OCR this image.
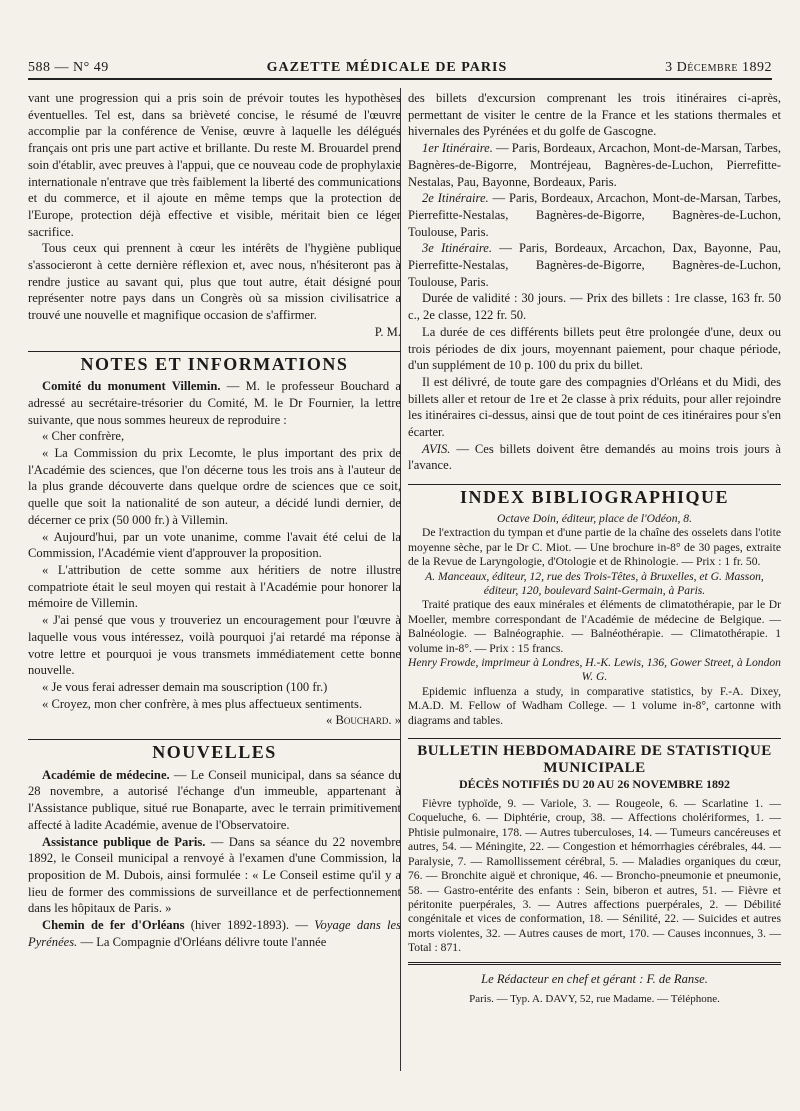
588 — N° 49	GAZETTE MÉDICALE DE PARIS	3 Décembre 1892

vant une progression qui a pris soin de prévoir toutes les hypothèses éventuelles. Tel est, dans sa brièveté concise, le résumé de l'œuvre accomplie par la conférence de Venise, œuvre à laquelle les délégués français ont pris une part active et brillante. Du reste M. Brouardel prend soin d'établir, avec preuves à l'appui, que ce nouveau code de prophylaxie internationale n'entrave que très faiblement la liberté des communications et du commerce, et il ajoute en même temps que la protection de l'Europe, protection déjà effective et visible, méritait bien ce léger sacrifice.

Tous ceux qui prennent à cœur les intérêts de l'hygiène publique s'associeront à cette dernière réflexion et, avec nous, n'hésiteront pas à rendre justice au savant qui, plus que tout autre, était désigné pour représenter notre pays dans un Congrès où sa mission civilisatrice a trouvé une nouvelle et magnifique occasion de s'affirmer.

P. M.
NOTES ET INFORMATIONS

Comité du monument Villemin. — M. le professeur Bouchard a adressé au secrétaire-trésorier du Comité, M. le Dr Fournier, la lettre suivante, que nous sommes heureux de reproduire :

« Cher confrère,

« La Commission du prix Lecomte, le plus important des prix de l'Académie des sciences, que l'on décerne tous les trois ans à l'auteur de la plus grande découverte dans quelque ordre de sciences que ce soit, quelle que soit la nationalité de son auteur, a décidé lundi dernier, de décerner ce prix (50 000 fr.) à Villemin.

« Aujourd'hui, par un vote unanime, comme l'avait été celui de la Commission, l'Académie vient d'approuver la proposition.

« L'attribution de cette somme aux héritiers de notre illustre compatriote était le seul moyen qui restait à l'Académie pour honorer la mémoire de Villemin.

« J'ai pensé que vous y trouveriez un encouragement pour l'œuvre à laquelle vous vous intéressez, voilà pourquoi j'ai retardé ma réponse à votre lettre et pourquoi je vous transmets immédiatement cette bonne nouvelle.

« Je vous ferai adresser demain ma souscription (100 fr.)

« Croyez, mon cher confrère, à mes plus affectueux sentiments.

« Bouchard. »
NOUVELLES

Académie de médecine. — Le Conseil municipal, dans sa séance du 28 novembre, a autorisé l'échange d'un immeuble, appartenant à l'Assistance publique, situé rue Bonaparte, avec le terrain primitivement affecté à ladite Académie, avenue de l'Observatoire.

Assistance publique de Paris. — Dans sa séance du 22 novembre 1892, le Conseil municipal a renvoyé à l'examen d'une Commission, la proposition de M. Dubois, ainsi formulée : « Le Conseil estime qu'il y a lieu de former des commissions de surveillance et de perfectionnement dans les hôpitaux de Paris. »

Chemin de fer d'Orléans (hiver 1892-1893). — Voyage dans les Pyrénées. — La Compagnie d'Orléans délivre toute l'année

des billets d'excursion comprenant les trois itinéraires ci-après, permettant de visiter le centre de la France et les stations thermales et hivernales des Pyrénées et du golfe de Gascogne.

1er Itinéraire. — Paris, Bordeaux, Arcachon, Mont-de-Marsan, Tarbes, Bagnères-de-Bigorre, Montréjeau, Bagnères-de-Luchon, Pierrefitte-Nestalas, Pau, Bayonne, Bordeaux, Paris.

2e Itinéraire. — Paris, Bordeaux, Arcachon, Mont-de-Marsan, Tarbes, Pierrefitte-Nestalas, Bagnères-de-Bigorre, Bagnères-de-Luchon, Toulouse, Paris.

3e Itinéraire. — Paris, Bordeaux, Arcachon, Dax, Bayonne, Pau, Pierrefitte-Nestalas, Bagnères-de-Bigorre, Bagnères-de-Luchon, Toulouse, Paris.

Durée de validité : 30 jours. — Prix des billets : 1re classe, 163 fr. 50 c., 2e classe, 122 fr. 50.

La durée de ces différents billets peut être prolongée d'une, deux ou trois périodes de dix jours, moyennant paiement, pour chaque période, d'un supplément de 10 p. 100 du prix du billet.

Il est délivré, de toute gare des compagnies d'Orléans et du Midi, des billets aller et retour de 1re et 2e classe à prix réduits, pour aller rejoindre les itinéraires ci-dessus, ainsi que de tout point de ces itinéraires pour s'en écarter.

AVIS. — Ces billets doivent être demandés au moins trois jours à l'avance.

INDEX BIBLIOGRAPHIQUE
Octave Doin, éditeur, place de l'Odéon, 8.

De l'extraction du tympan et d'une partie de la chaîne des osselets dans l'otite moyenne sèche, par le Dr C. Miot. — Une brochure in-8° de 30 pages, extraite de la Revue de Laryngologie, d'Otologie et de Rhinologie. — Prix : 1 fr. 50.

A. Manceaux, éditeur, 12, rue des Trois-Têtes, à Bruxelles, et G. Masson, éditeur, 120, boulevard Saint-Germain, à Paris.

Traité pratique des eaux minérales et éléments de climatothérapie, par le Dr Moeller, membre correspondant de l'Académie de médecine de Belgique. — Balnéologie. — Balnéographie. — Balnéothérapie. — Climatothérapie. 1 volume in-8°. — Prix : 15 francs.

Henry Frowde, imprimeur à Londres, H.-K. Lewis, 136, Gower Street, à London W. G.

Epidemic influenza a study, in comparative statistics, by F.-A. Dixey, M.A.D. M. Fellow of Wadham College. — 1 volume in-8°, cartonne with diagrams and tables.

BULLETIN HEBDOMADAIRE DE STATISTIQUE MUNICIPALE
DÉCÈS NOTIFIÉS DU 20 AU 26 NOVEMBRE 1892

Fièvre typhoïde, 9. — Variole, 3. — Rougeole, 6. — Scarlatine 1. — Coqueluche, 6. — Diphtérie, croup, 38. — Affections cholériformes, 1. — Phtisie pulmonaire, 178. — Autres tuberculoses, 14. — Tumeurs cancéreuses et autres, 54. — Méningite, 22. — Congestion et hémorrhagies cérébrales, 44. — Paralysie, 7. — Ramollissement cérébral, 5. — Maladies organiques du cœur, 76. — Bronchite aiguë et chronique, 46. — Broncho-pneumonie et pneumonie, 58. — Gastro-entérite des enfants : Sein, biberon et autres, 51. — Fièvre et péritonite puerpérales, 3. — Autres affections puerpérales, 2. — Débilité congénitale et vices de conformation, 18. — Sénilité, 22. — Suicides et autres morts violentes, 32. — Autres causes de mort, 170. — Causes inconnues, 3. — Total : 871.

Le Rédacteur en chef et gérant : F. de Ranse.
Paris. — Typ. A. DAVY, 52, rue Madame. — Téléphone.
